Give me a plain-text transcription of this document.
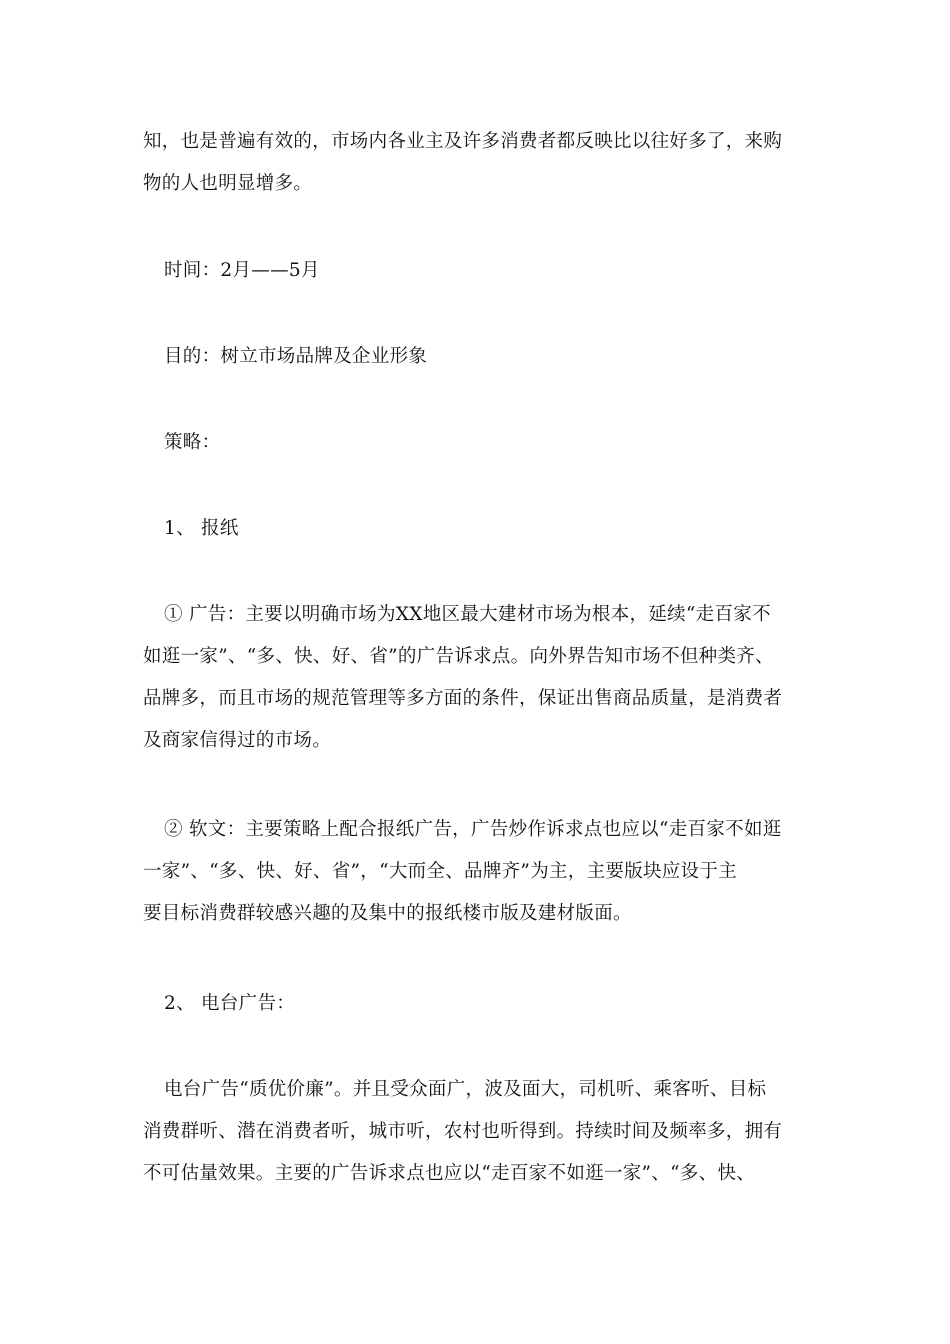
知，也是普遍有效的，市场内各业主及许多消费者都反映比以往好多了，来购
物的人也明显增多。
时间：2月——5月
目的：树立市场品牌及企业形象
策略：
1、 报纸
① 广告：主要以明确市场为XX地区最大建材市场为根本，延续“走百家不
如逛一家”、“多、快、好、省”的广告诉求点。向外界告知市场不但种类齐、
品牌多，而且市场的规范管理等多方面的条件，保证出售商品质量，是消费者
及商家信得过的市场。
② 软文：主要策略上配合报纸广告，广告炒作诉求点也应以“走百家不如逛
一家”、“多、快、好、省”，“大而全、品牌齐”为主，主要版块应设于主
要目标消费群较感兴趣的及集中的报纸楼市版及建材版面。
2、 电台广告：
电台广告“质优价廉”。并且受众面广，波及面大，司机听、乘客听、目标
消费群听、潜在消费者听，城市听，农村也听得到。持续时间及频率多，拥有
不可估量效果。主要的广告诉求点也应以“走百家不如逛一家”、“多、快、
